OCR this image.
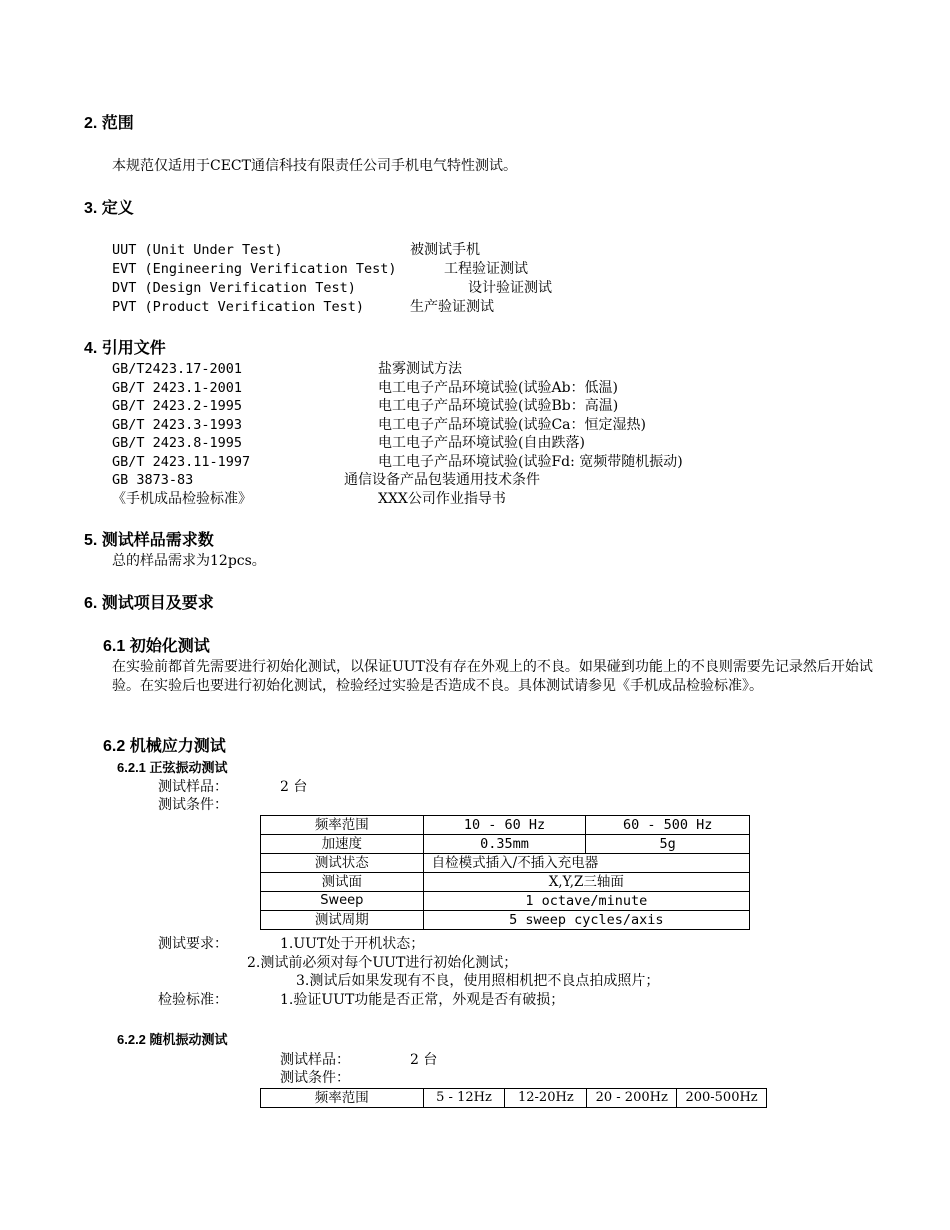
2. 范围
本规范仅适用于CECT通信科技有限责任公司手机电气特性测试。
3. 定义
UUT (Unit Under Test)	被测试手机
EVT (Engineering Verification Test)	工程验证测试
DVT (Design Verification Test)	设计验证测试
PVT (Product Verification Test)	生产验证测试
4. 引用文件
GB/T2423.17-2001	盐雾测试方法
GB/T 2423.1-2001	电工电子产品环境试验(试验Ab：低温)
GB/T 2423.2-1995	电工电子产品环境试验(试验Bb：高温)
GB/T 2423.3-1993	电工电子产品环境试验(试验Ca：恒定湿热)
GB/T 2423.8-1995	电工电子产品环境试验(自由跌落)
GB/T 2423.11-1997	电工电子产品环境试验(试验Fd: 宽频带随机振动)
GB 3873-83	通信设备产品包装通用技术条件
《手机成品检验标准》	XXX公司作业指导书
5. 测试样品需求数
总的样品需求为12pcs。
6. 测试项目及要求
6.1 初始化测试
在实验前都首先需要进行初始化测试，以保证UUT没有存在外观上的不良。如果碰到功能上的不良则需要先记录然后开始试验。在实验后也要进行初始化测试，检验经过实验是否造成不良。具体测试请参见《手机成品检验标准》。
6.2 机械应力测试
6.2.1 正弦振动测试
测试样品：	2 台
测试条件：
频率范围	10 - 60 Hz	60 - 500 Hz
加速度	0.35mm	5g
测试状态	自检模式插入/不插入充电器	
测试面	X,Y,Z三轴面	
Sweep	1 octave/minute	
测试周期	5 sweep cycles/axis	
测试要求：	1.UUT处于开机状态；
2.测试前必须对每个UUT进行初始化测试；
3.测试后如果发现有不良，使用照相机把不良点拍成照片；
检验标准：	1.验证UUT功能是否正常，外观是否有破损；
6.2.2 随机振动测试
测试样品：	2 台
测试条件：
频率范围	5 - 12Hz	12-20Hz	20 - 200Hz	200-500Hz
